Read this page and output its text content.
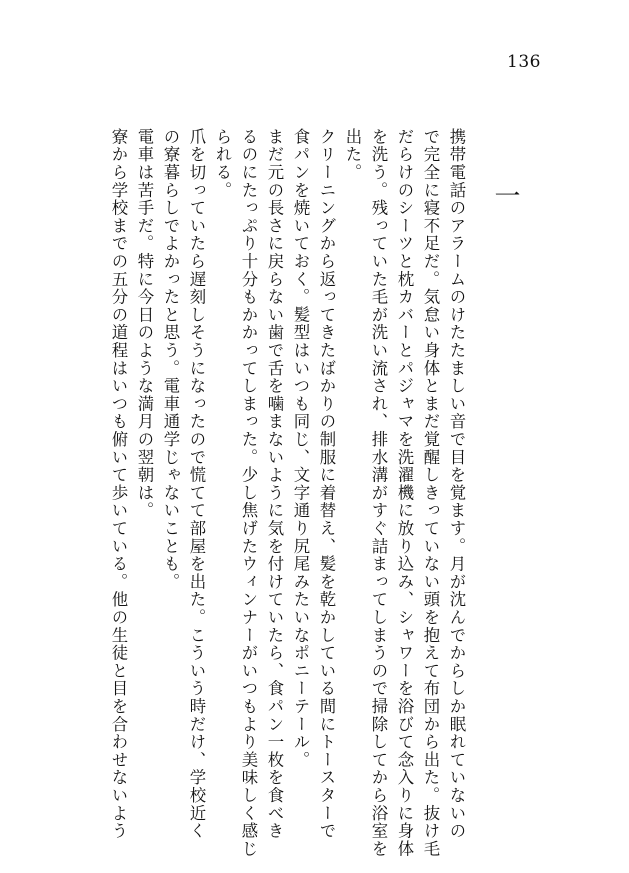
136
一

携帯電話のアラームのけたたましい音で目を覚ます。月が沈んでからしか眠れていないの
で完全に寝不足だ。気怠い身体とまだ覚醒しきっていない頭を抱えて布団から出た。抜け毛
だらけのシーツと枕カバーとパジャマを洗濯機に放り込み、シャワーを浴びて念入りに身体
を洗う。残っていた毛が洗い流され、排水溝がすぐ詰まってしまうので掃除してから浴室を
出た。

クリーニングから返ってきたばかりの制服に着替え、髪を乾かしている間にトースターで
食パンを焼いておく。髪型はいつも同じ、文字通り尻尾みたいなポニーテール。
まだ元の長さに戻らない歯で舌を噛まないように気を付けていたら、食パン一枚を食べき
るのにたっぷり十分もかかってしまった。少し焦げたウィンナーがいつもより美味しく感じ
られる。

爪を切っていたら遅刻しそうになったので慌てて部屋を出た。こういう時だけ、学校近く
の寮暮らしでよかったと思う。電車通学じゃないことも。
電車は苦手だ。特に今日のような満月の翌朝は。
寮から学校までの五分の道程はいつも俯いて歩いている。他の生徒と目を合わせないよう
